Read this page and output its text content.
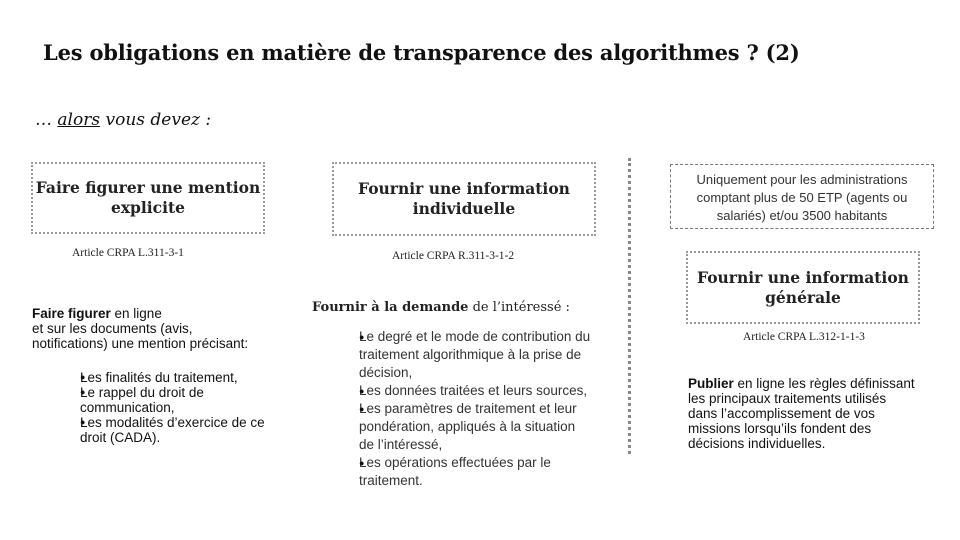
Les obligations en matière de transparence des algorithmes ? (2)
… alors vous devez :
Faire figurer une mention
explicite
Article CRPA L.311-3-1
Faire figurer en ligne
et sur les documents (avis,
notifications) une mention précisant:
● Les finalités du traitement,
● Le rappel du droit de
communication,
● Les modalités d’exercice de ce
droit (CADA).
Fournir une information
individuelle
Article CRPA R.311-3-1-2
Fournir à la demande de l’intéressé :
● Le degré et le mode de contribution du
traitement algorithmique à la prise de
décision,
● Les données traitées et leurs sources,
● Les paramètres de traitement et leur
pondération, appliqués à la situation
de l’intéressé,
● Les opérations effectuées par le
traitement.
Uniquement pour les administrations
comptant plus de 50 ETP (agents ou
salariés) et/ou 3500 habitants
Fournir une information
générale
Article CRPA L.312-1-1-3
Publier en ligne les règles définissant
les principaux traitements utilisés
dans l’accomplissement de vos
missions lorsqu’ils fondent des
décisions individuelles.
